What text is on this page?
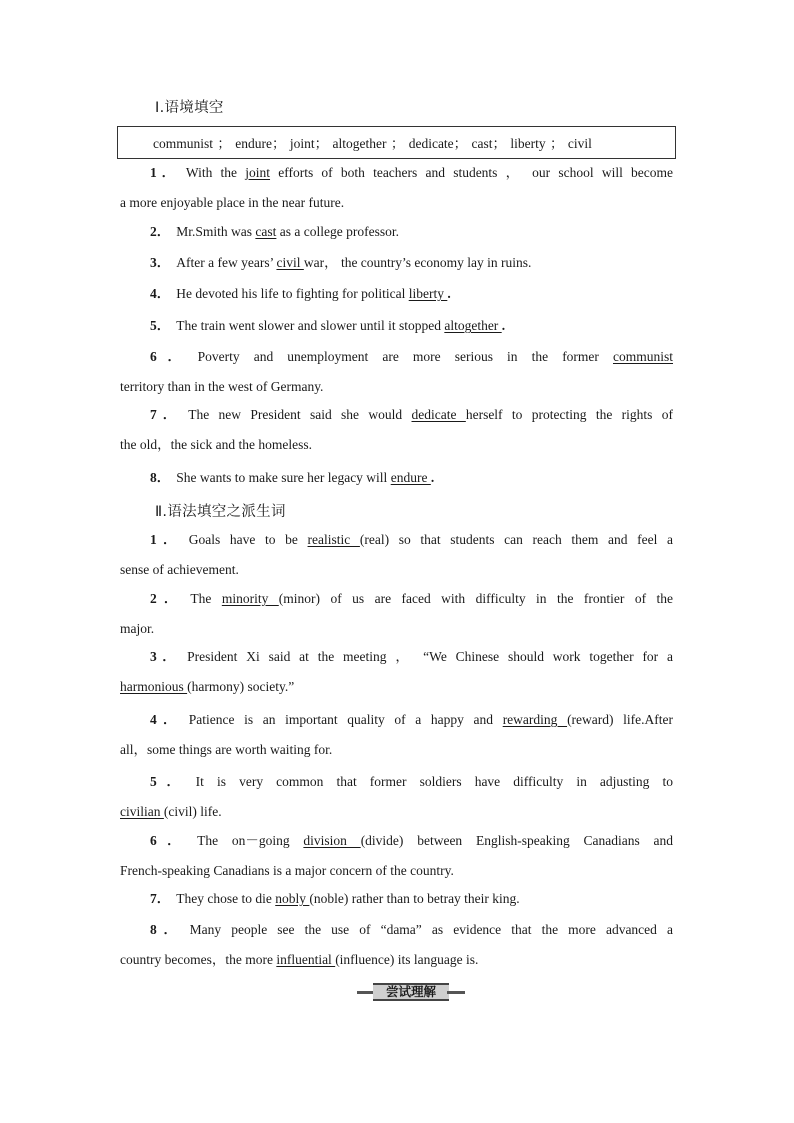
Ⅰ.语境填空
communist ； endure； joint； altogether ； dedicate； cast； liberty ； civil
1． With the joint efforts of both teachers and students ， our school will become
a more enjoyable place in the near future.
2． Mr.Smith was cast as a college professor.
3． After a few years’ civil war， the country’s economy lay in ruins.
4． He devoted his life to fighting for political liberty .
5． The train went slower and slower until it stopped altogether .
6． Poverty and unemployment are more serious in the former communist
territory than in the west of Germany.
7． The new President said she would dedicate herself to protecting the rights of
the old，the sick and the homeless.
8． She wants to make sure her legacy will endure .
Ⅱ.语法填空之派生词
1． Goals have to be realistic (real) so that students can reach them and feel a
sense of achievement.
2． The minority (minor) of us are faced with difficulty in the frontier of the
major.
3． President Xi said at the meeting ， “We Chinese should work together for a
harmonious (harmony) society.”
4． Patience is an important quality of a happy and rewarding (reward) life.After
all，some things are worth waiting for.
5． It is very common that former soldiers have difficulty in adjusting to
civilian (civil) life.
6． The on－going division (divide) between English-speaking Canadians and
French-speaking Canadians is a major concern of the country.
7． They chose to die nobly (noble) rather than to betray their king.
8． Many people see the use of “dama” as evidence that the more advanced a
country becomes，the more influential (influence) its language is.
尝试理解
